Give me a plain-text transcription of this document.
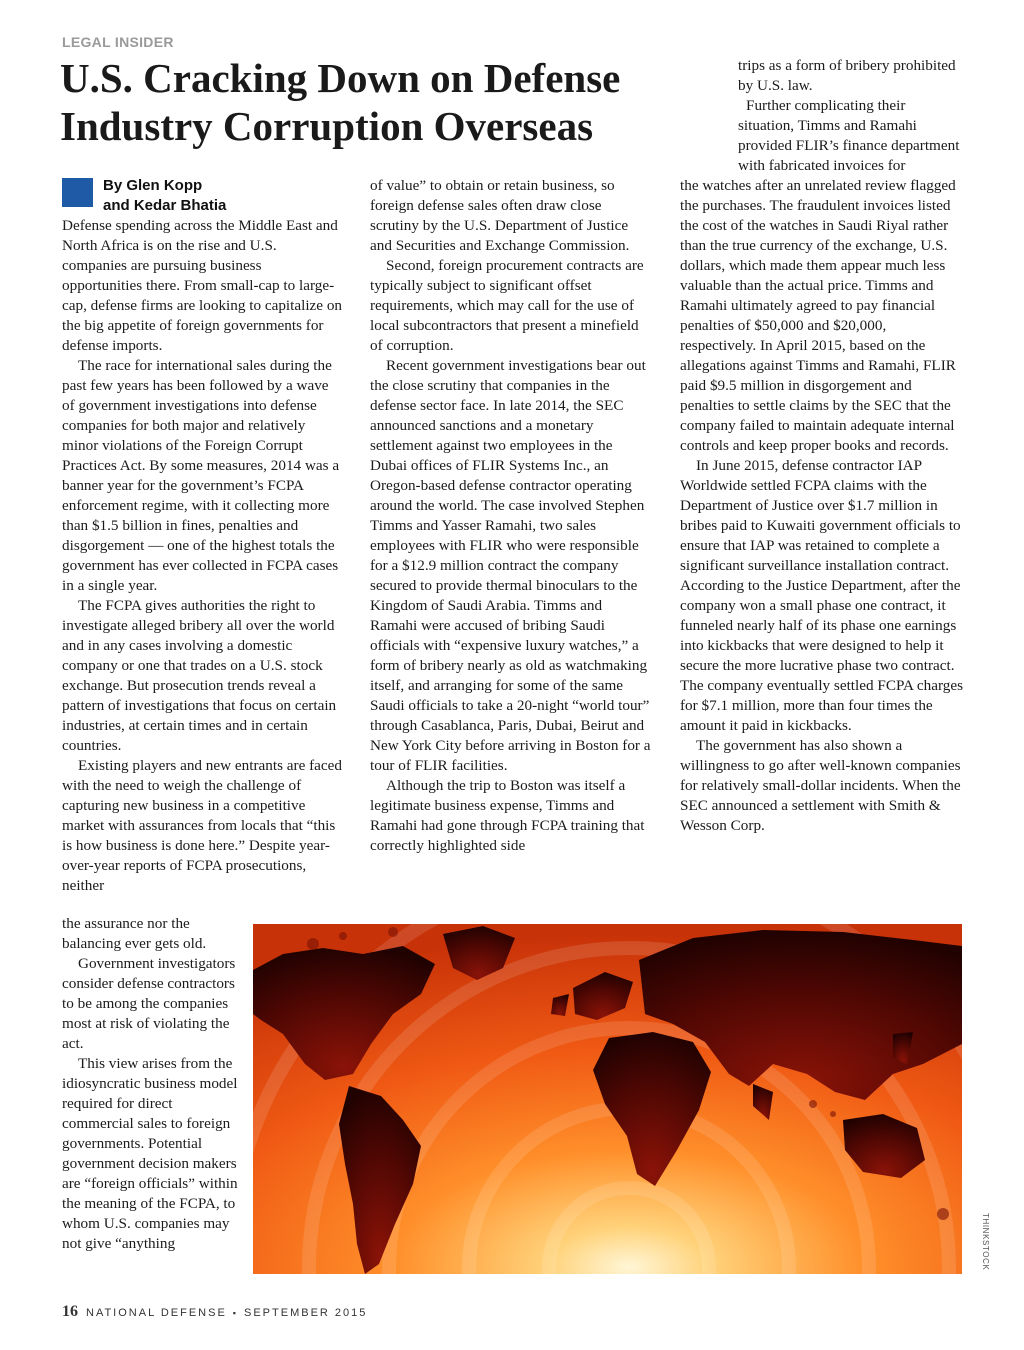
LEGAL INSIDER
U.S. Cracking Down on Defense Industry Corruption Overseas
By Glen Kopp
and Kedar Bhatia

Defense spending across the Middle East and North Africa is on the rise and U.S. companies are pursuing business opportunities there. From small-cap to large-cap, defense firms are looking to capitalize on the big appetite of foreign governments for defense imports.

The race for international sales during the past few years has been followed by a wave of government investigations into defense companies for both major and relatively minor violations of the Foreign Corrupt Practices Act. By some measures, 2014 was a banner year for the government’s FCPA enforcement regime, with it collecting more than $1.5 billion in fines, penalties and disgorgement — one of the highest totals the government has ever collected in FCPA cases in a single year.

The FCPA gives authorities the right to investigate alleged bribery all over the world and in any cases involving a domestic company or one that trades on a U.S. stock exchange. But prosecution trends reveal a pattern of investigations that focus on certain industries, at certain times and in certain countries.

Existing players and new entrants are faced with the need to weigh the challenge of capturing new business in a competitive market with assurances from locals that “this is how business is done here.” Despite year-over-year reports of FCPA prosecutions, neither

the assurance nor the balancing ever gets old.

Government investigators consider defense contractors to be among the companies most at risk of violating the act.

This view arises from the idiosyncratic business model required for direct commercial sales to foreign governments. Potential government decision makers are “foreign officials” within the meaning of the FCPA, to whom U.S. companies may not give “anything

of value” to obtain or retain business, so foreign defense sales often draw close scrutiny by the U.S. Department of Justice and Securities and Exchange Commission.

Second, foreign procurement contracts are typically subject to significant offset requirements, which may call for the use of local subcontractors that present a minefield of corruption.

Recent government investigations bear out the close scrutiny that companies in the defense sector face. In late 2014, the SEC announced sanctions and a monetary settlement against two employees in the Dubai offices of FLIR Systems Inc., an Oregon-based defense contractor operating around the world. The case involved Stephen Timms and Yasser Ramahi, two sales employees with FLIR who were responsible for a $12.9 million contract the company secured to provide thermal binoculars to the Kingdom of Saudi Arabia. Timms and Ramahi were accused of bribing Saudi officials with “expensive luxury watches,” a form of bribery nearly as old as watchmaking itself, and arranging for some of the same Saudi officials to take a 20-night “world tour” through Casablanca, Paris, Dubai, Beirut and New York City before arriving in Boston for a tour of FLIR facilities.

Although the trip to Boston was itself a legitimate business expense, Timms and Ramahi had gone through FCPA training that correctly highlighted side

trips as a form of bribery prohibited by U.S. law.

Further complicating their situation, Timms and Ramahi provided FLIR’s finance department with fabricated invoices for

the watches after an unrelated review flagged the purchases. The fraudulent invoices listed the cost of the watches in Saudi Riyal rather than the true currency of the exchange, U.S. dollars, which made them appear much less valuable than the actual price. Timms and Ramahi ultimately agreed to pay financial penalties of $50,000 and $20,000, respectively. In April 2015, based on the allegations against Timms and Ramahi, FLIR paid $9.5 million in disgorgement and penalties to settle claims by the SEC that the company failed to maintain adequate internal controls and keep proper books and records.

In June 2015, defense contractor IAP Worldwide settled FCPA claims with the Department of Justice over $1.7 million in bribes paid to Kuwaiti government officials to ensure that IAP was retained to complete a significant surveillance installation contract. According to the Justice Department, after the company won a small phase one contract, it funneled nearly half of its phase one earnings into kickbacks that were designed to help it secure the more lucrative phase two contract. The company eventually settled FCPA charges for $7.1 million, more than four times the amount it paid in kickbacks.

The government has also shown a willingness to go after well-known companies for relatively small-dollar incidents. When the SEC announced a settlement with Smith & Wesson Corp.

THINKSTOCK
16 NATIONAL DEFENSE ▪ SEPTEMBER 2015
